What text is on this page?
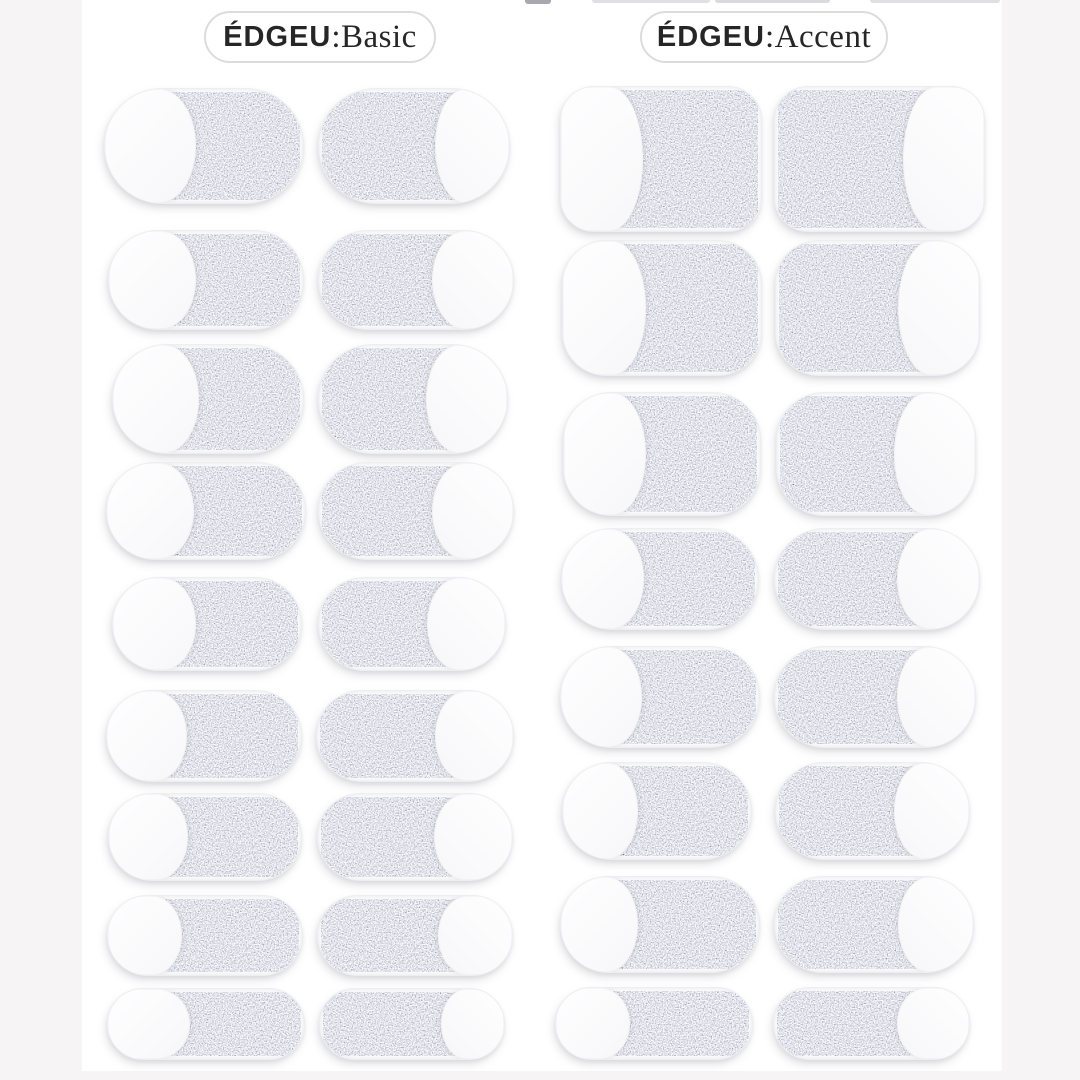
ÉDGEU :Basic	ÉDGEU :Accent
